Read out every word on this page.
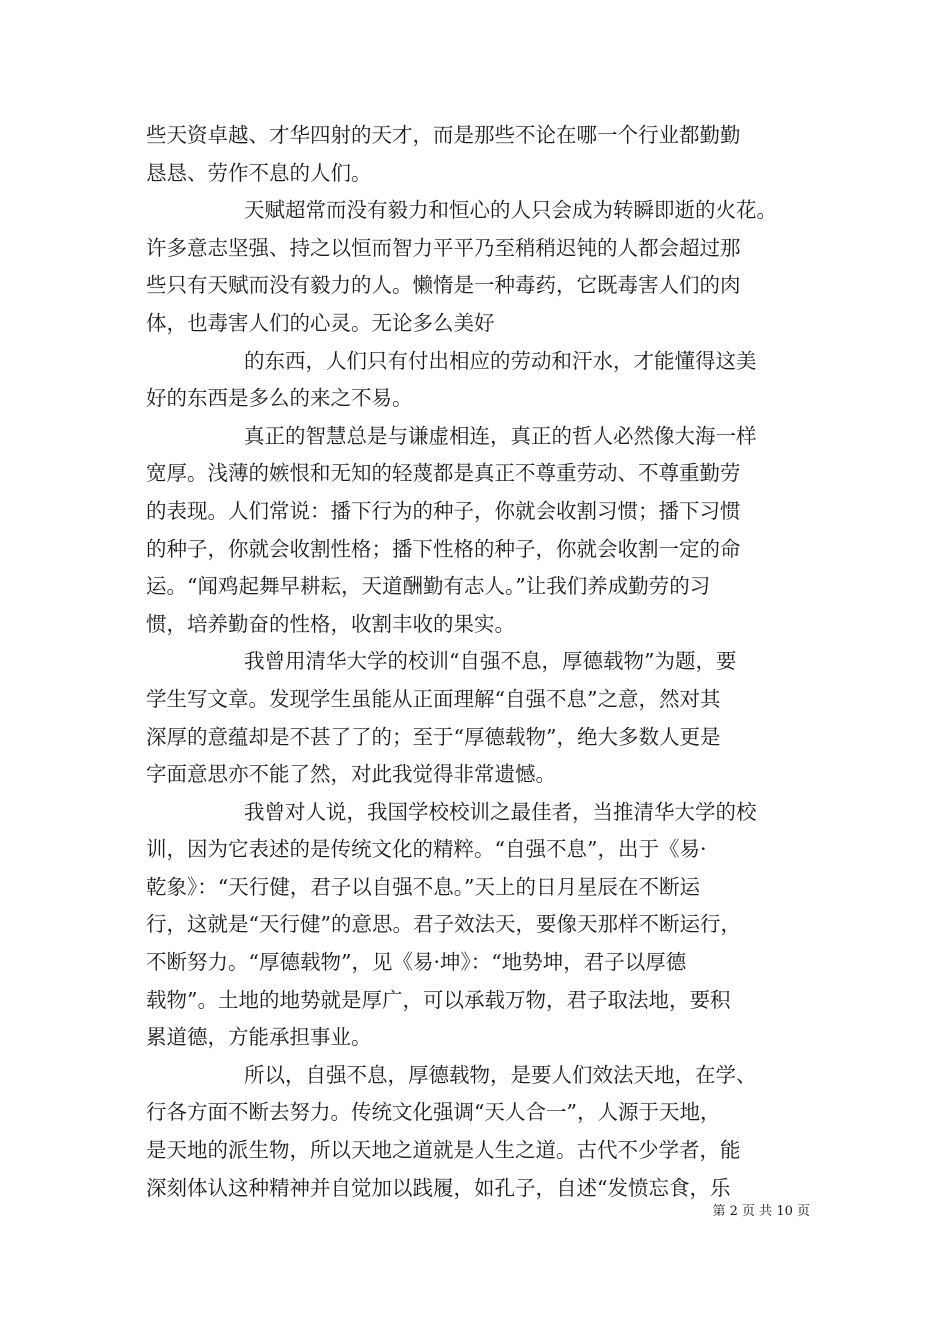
些天资卓越、才华四射的天才，而是那些不论在哪一个行业都勤勤
恳恳、劳作不息的人们。
天赋超常而没有毅力和恒心的人只会成为转瞬即逝的火花。
许多意志坚强、持之以恒而智力平平乃至稍稍迟钝的人都会超过那
些只有天赋而没有毅力的人。懒惰是一种毒药，它既毒害人们的肉
体，也毒害人们的心灵。无论多么美好
的东西，人们只有付出相应的劳动和汗水，才能懂得这美
好的东西是多么的来之不易。
真正的智慧总是与谦虚相连，真正的哲人必然像大海一样
宽厚。浅薄的嫉恨和无知的轻蔑都是真正不尊重劳动、不尊重勤劳
的表现。人们常说：播下行为的种子，你就会收割习惯；播下习惯
的种子，你就会收割性格；播下性格的种子，你就会收割一定的命
运。“闻鸡起舞早耕耘，天道酬勤有志人。”让我们养成勤劳的习
惯，培养勤奋的性格，收割丰收的果实。
我曾用清华大学的校训“自强不息，厚德载物”为题，要
学生写文章。发现学生虽能从正面理解“自强不息”之意，然对其
深厚的意蕴却是不甚了了的；至于“厚德载物”，绝大多数人更是
字面意思亦不能了然，对此我觉得非常遗憾。
我曾对人说，我国学校校训之最佳者，当推清华大学的校
训，因为它表述的是传统文化的精粹。“自强不息”，出于《易·
乾象》：“天行健，君子以自强不息。”天上的日月星辰在不断运
行，这就是“天行健”的意思。君子效法天，要像天那样不断运行，
不断努力。“厚德载物”，见《易·坤》：“地势坤，君子以厚德
载物”。土地的地势就是厚广，可以承载万物，君子取法地，要积
累道德，方能承担事业。
所以，自强不息，厚德载物，是要人们效法天地，在学、
行各方面不断去努力。传统文化强调“天人合一”，人源于天地，
是天地的派生物，所以天地之道就是人生之道。古代不少学者，能
深刻体认这种精神并自觉加以践履，如孔子，自述“发愤忘食，乐
第 2 页 共 10 页
